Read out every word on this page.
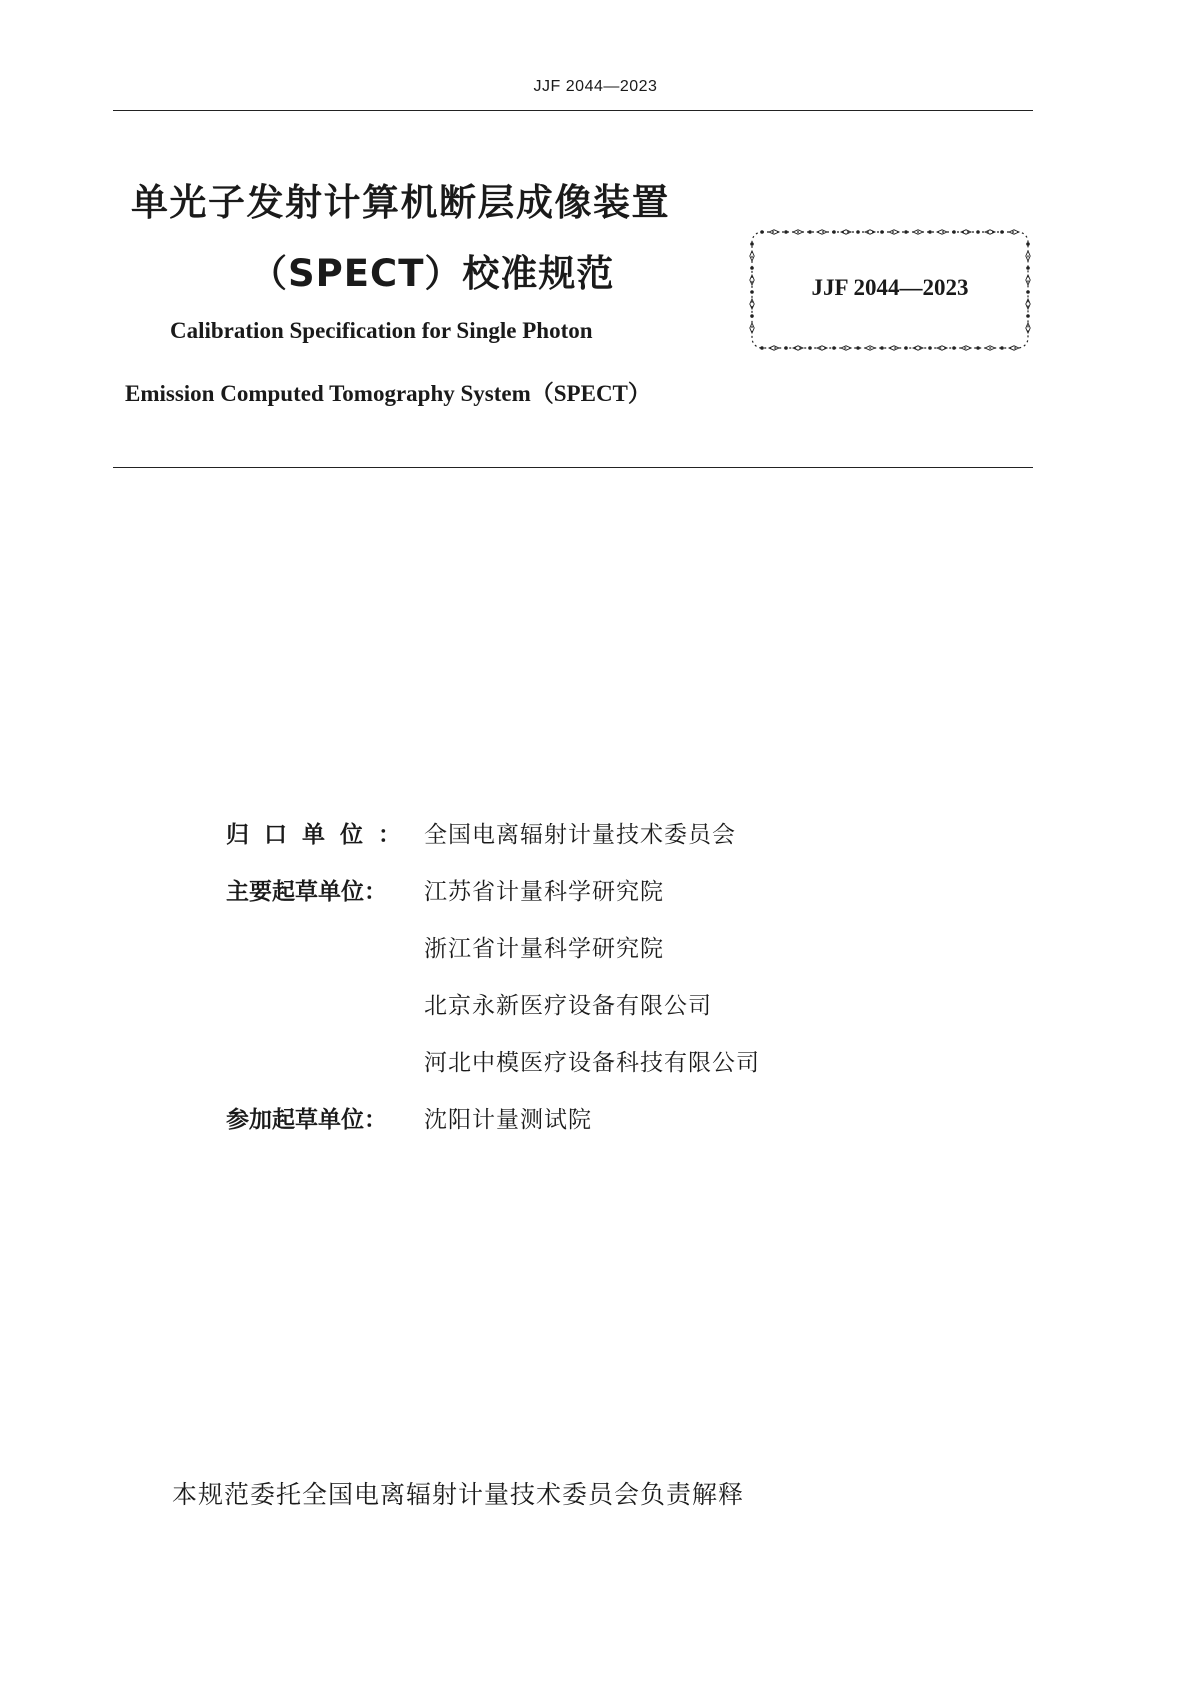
JJF 2044—2023
单光子发射计算机断层成像装置
（SPECT）校准规范
Calibration Specification for Single Photon
Emission Computed Tomography System（SPECT）
JJF 2044—2023
归口单位：	全国电离辐射计量技术委员会
主要起草单位：	江苏省计量科学研究院
浙江省计量科学研究院
北京永新医疗设备有限公司
河北中模医疗设备科技有限公司
参加起草单位：	沈阳计量测试院
本规范委托全国电离辐射计量技术委员会负责解释
